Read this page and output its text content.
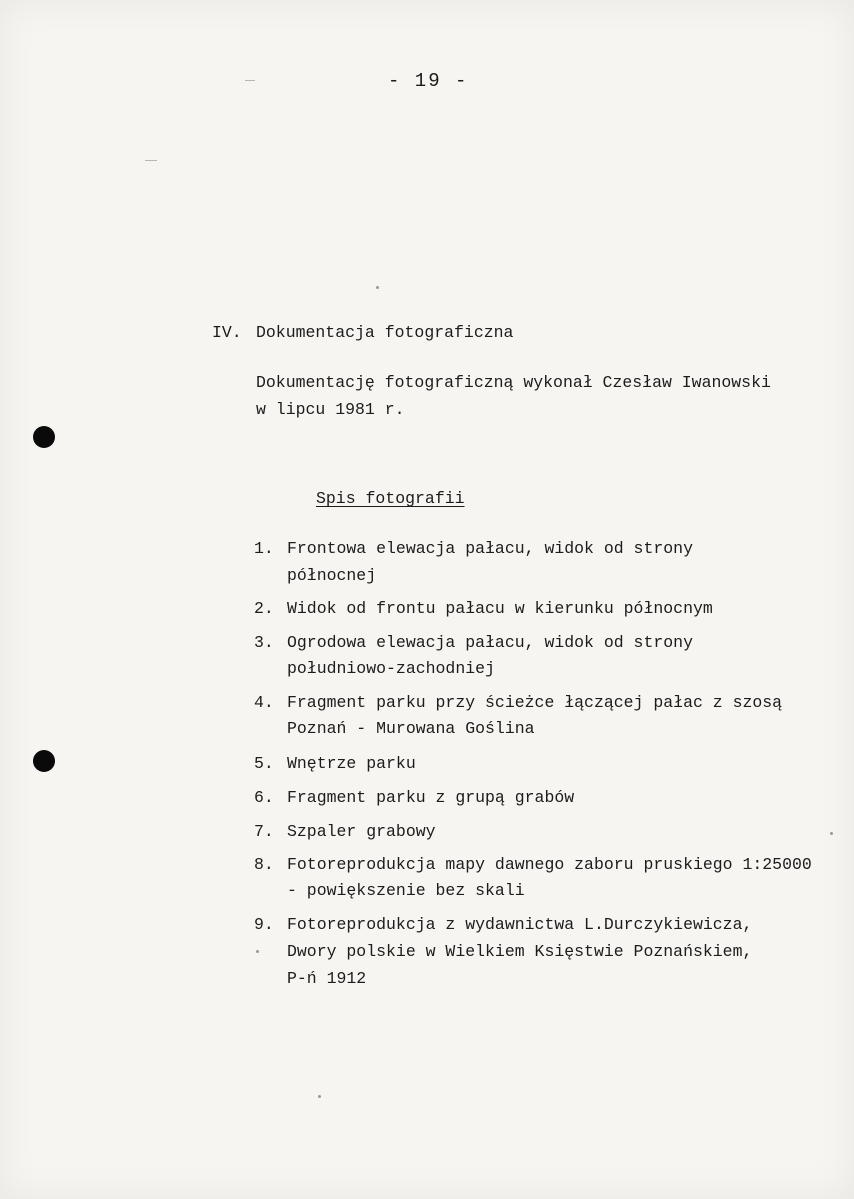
- 19 -
IV. Dokumentacja fotograficzna
Dokumentację fotograficzną wykonał Czesław Iwanowski
w lipcu 1981 r.
Spis fotografii
1. Frontowa elewacja pałacu, widok od strony
północnej
2. Widok od frontu pałacu w kierunku północnym
3. Ogrodowa elewacja pałacu, widok od strony
południowo-zachodniej
4. Fragment parku przy ścieżce łączącej pałac z szosą
Poznań - Murowana Goślina
5. Wnętrze parku
6. Fragment parku z grupą grabów
7. Szpaler grabowy
8. Fotoreprodukcja mapy dawnego zaboru pruskiego 1:25000
- powiększenie bez skali
9. Fotoreprodukcja z wydawnictwa L.Durczykiewicza,
Dwory polskie w Wielkiem Księstwie Poznańskiem,
P-ń 1912
